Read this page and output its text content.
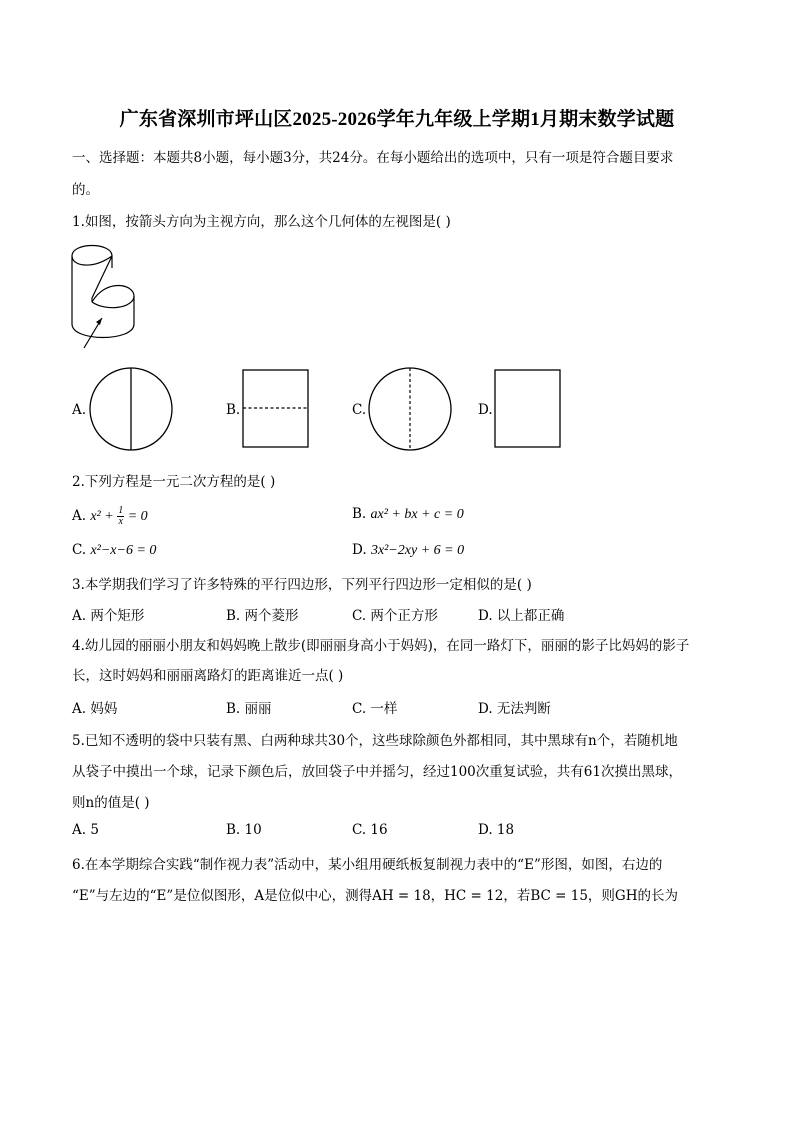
广东省深圳市坪山区2025-2026学年九年级上学期1月期末数学试题
一、选择题：本题共8小题，每小题3分，共24分。在每小题给出的选项中，只有一项是符合题目要求
的。
1.如图，按箭头方向为主视方向，那么这个几何体的左视图是( )
A.	B.	C.	D.
2.下列方程是一元二次方程的是( )
A. $x^2 + \frac{1}{x} = 0$	B. ax² + bx + c = 0
C. x²−x−6 = 0	D. 3x²−2xy + 6 = 0
3.本学期我们学习了许多特殊的平行四边形，下列平行四边形一定相似的是( )
A. 两个矩形	B. 两个菱形	C. 两个正方形	D. 以上都正确
4.幼儿园的丽丽小朋友和妈妈晚上散步(即丽丽身高小于妈妈)，在同一路灯下，丽丽的影子比妈妈的影子
长，这时妈妈和丽丽离路灯的距离谁近一点( )
A. 妈妈	B. 丽丽	C. 一样	D. 无法判断
5.已知不透明的袋中只装有黑、白两种球共30个，这些球除颜色外都相同，其中黑球有n个，若随机地
从袋子中摸出一个球，记录下颜色后，放回袋子中并摇匀，经过100次重复试验，共有61次摸出黑球，
则n的值是( )
A. 5	B. 10	C. 16	D. 18
6.在本学期综合实践“制作视力表”活动中，某小组用硬纸板复制视力表中的“E”形图，如图，右边的
“E”与左边的“E”是位似图形，A是位似中心，测得AH = 18，HC = 12，若BC = 15，则GH的长为
